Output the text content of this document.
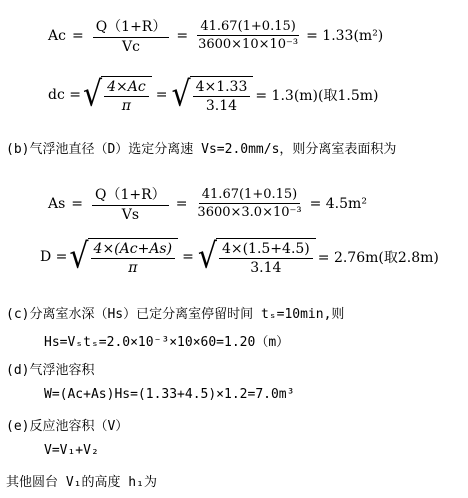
$Ac = \frac{Q(1+R)}{Vc} = \frac{41.67(1+0.15)}{\text{3600×10×10⁻³}} = 1.33(m^2)$
dc = √ $\frac{4\times Ac}{\pi}$ = √ $\frac{4\times 1.33}{3.14} = 1.3(m)$(取1.5m)
(b)气浮池直径（D）选定分离速 Vs=2.0mm/s，则分离室表面积为
$As = \frac{Q(1+R)}{Vs} = \frac{41.67(1+0.15)}{\text{3600×3.0×10⁻³}} = 4.5m^2$
D = √ $\frac{4\times(Ac+As)}{\pi}$ = √ $\frac{4\times(1.5+4.5)}{3.14} = 2.76m$(取2.8m)
(c)分离室水深（Hs）已定分离室停留时间 tₛ=10min,则
Hs=Vₛtₛ=2.0×10⁻³×10×60=1.20（m）
(d)气浮池容积
W=(Ac+As)Hs=(1.33+4.5)×1.2=7.0m³
(e)反应池容积（V）
V=V₁+V₂
其他圆台 V₁的高度 h₁为
